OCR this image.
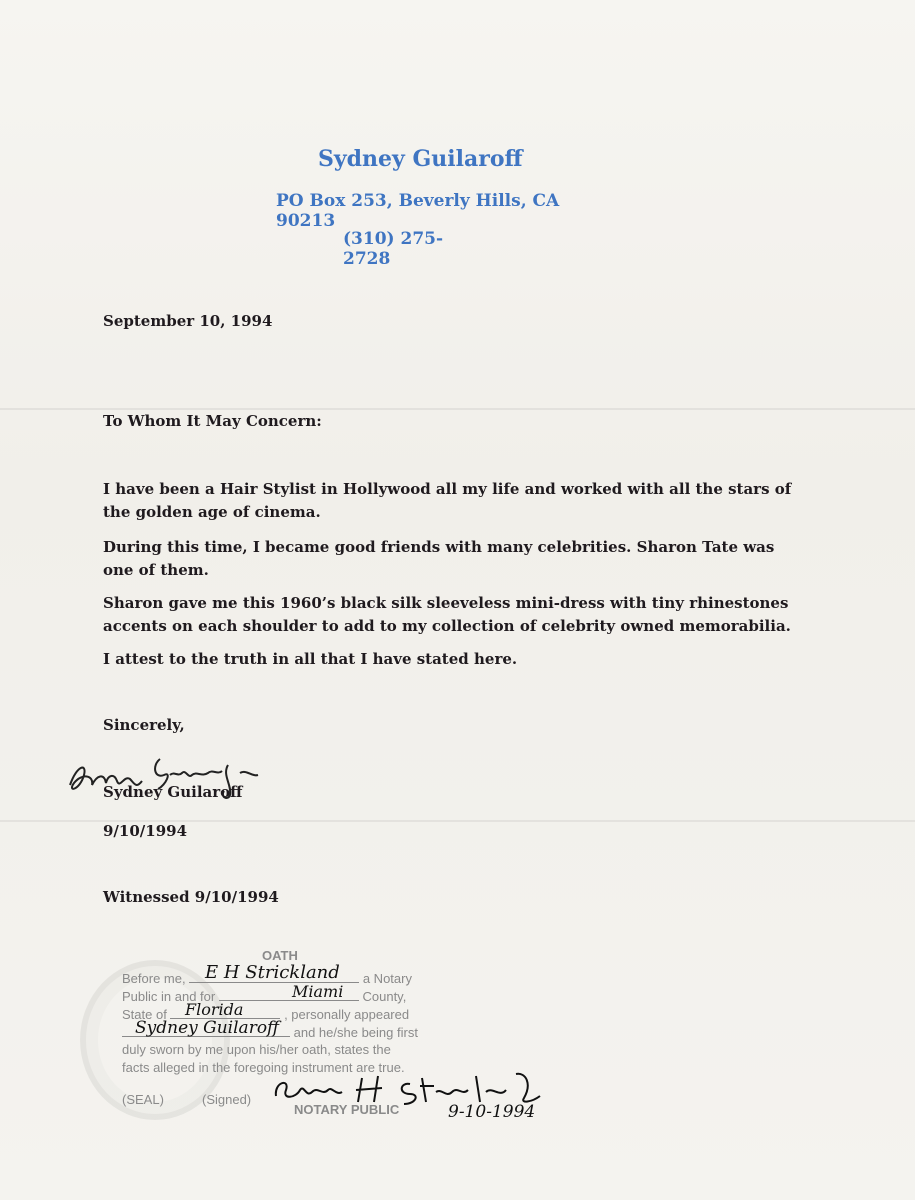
Sydney Guilaroff
PO Box 253, Beverly Hills, CA 90213
(310) 275-2728
September 10, 1994
To Whom It May Concern:
I have been a Hair Stylist in Hollywood all my life and worked with all the stars of the golden age of cinema.
During this time, I became good friends with many celebrities. Sharon Tate was one of them.
Sharon gave me this 1960’s black silk sleeveless mini-dress with tiny rhinestones accents on each shoulder to add to my collection of celebrity owned memorabilia.
I attest to the truth in all that I have stated here.
Sincerely,
Sydney Guilaroff
9/10/1994
Witnessed 9/10/1994
OATH
Before me,	a Notary
Public in and for	County,
State of	, personally appeared
and he/she being first
duly sworn by me upon his/her oath, states the
facts alleged in the foregoing instrument are true.
(SEAL)	(Signed)
NOTARY PUBLIC
E H Strickland
Miami
Florida
Sydney Guilaroff
9-10-1994
